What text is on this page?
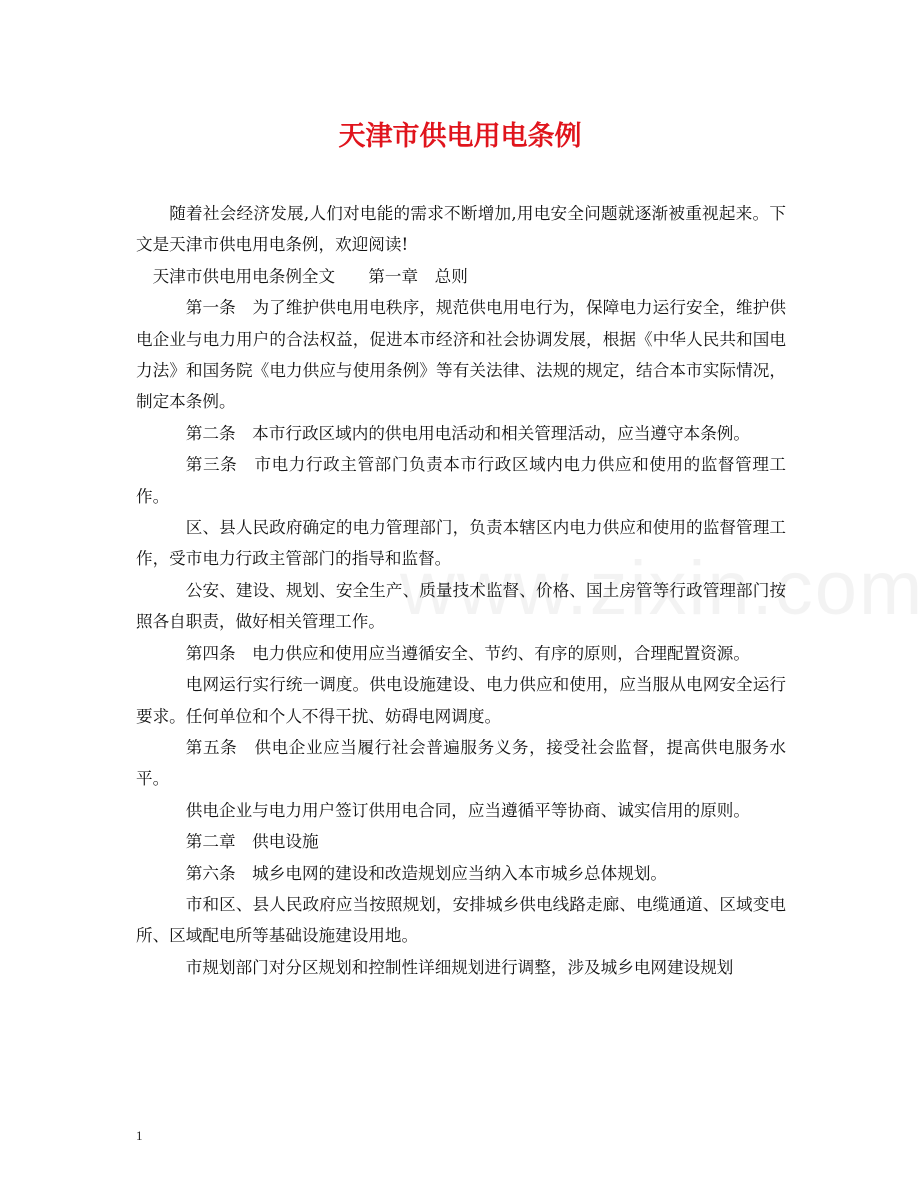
天津市供电用电条例

随着社会经济发展,人们对电能的需求不断增加,用电安全问题就逐渐被重视起来。下文是天津市供电用电条例，欢迎阅读!

天津市供电用电条例全文　　第一章　总则

第一条　为了维护供电用电秩序，规范供电用电行为，保障电力运行安全，维护供电企业与电力用户的合法权益，促进本市经济和社会协调发展，根据《中华人民共和国电力法》和国务院《电力供应与使用条例》等有关法律、法规的规定，结合本市实际情况，制定本条例。

第二条　本市行政区域内的供电用电活动和相关管理活动，应当遵守本条例。

第三条　市电力行政主管部门负责本市行政区域内电力供应和使用的监督管理工作。

区、县人民政府确定的电力管理部门，负责本辖区内电力供应和使用的监督管理工作，受市电力行政主管部门的指导和监督。

公安、建设、规划、安全生产、质量技术监督、价格、国土房管等行政管理部门按照各自职责，做好相关管理工作。

第四条　电力供应和使用应当遵循安全、节约、有序的原则，合理配置资源。

电网运行实行统一调度。供电设施建设、电力供应和使用，应当服从电网安全运行要求。任何单位和个人不得干扰、妨碍电网调度。

第五条　供电企业应当履行社会普遍服务义务，接受社会监督，提高供电服务水平。

供电企业与电力用户签订供用电合同，应当遵循平等协商、诚实信用的原则。

第二章　供电设施

第六条　城乡电网的建设和改造规划应当纳入本市城乡总体规划。

市和区、县人民政府应当按照规划，安排城乡供电线路走廊、电缆通道、区域变电所、区域配电所等基础设施建设用地。

市规划部门对分区规划和控制性详细规划进行调整，涉及城乡电网建设规划

1
